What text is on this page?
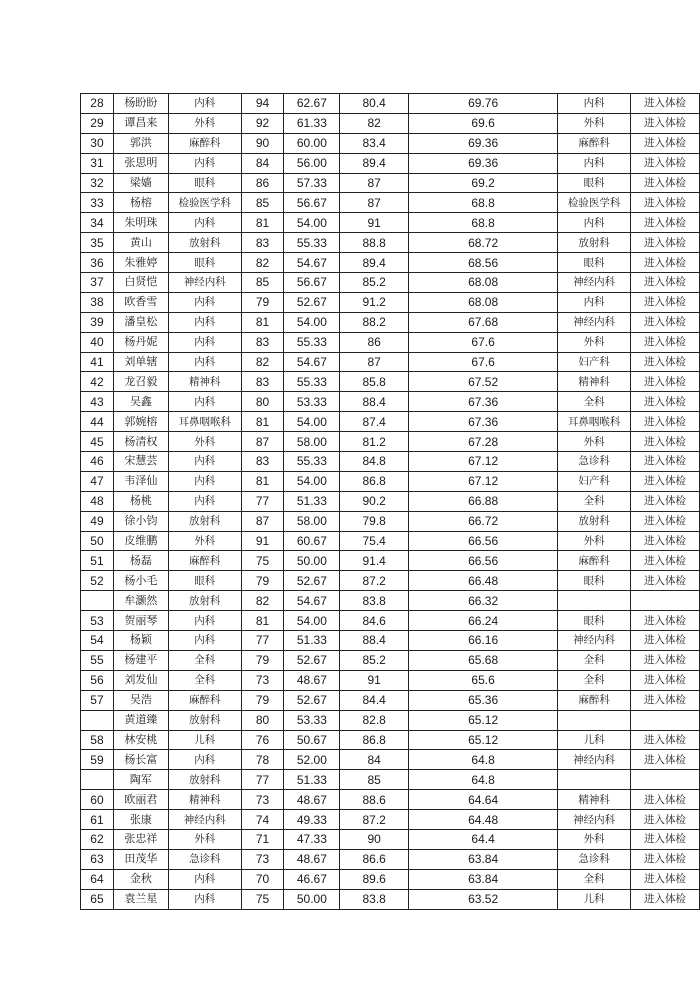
28	杨盼盼	内科	94	62.67	80.4	69.76	内科	进入体检
29	谭昌来	外科	92	61.33	82	69.6	外科	进入体检
30	郭洪	麻醉科	90	60.00	83.4	69.36	麻醉科	进入体检
31	张思明	内科	84	56.00	89.4	69.36	内科	进入体检
32	梁嫱	眼科	86	57.33	87	69.2	眼科	进入体检
33	杨榕	检验医学科	85	56.67	87	68.8	检验医学科	进入体检
34	朱明珠	内科	81	54.00	91	68.8	内科	进入体检
35	黄山	放射科	83	55.33	88.8	68.72	放射科	进入体检
36	朱雅婷	眼科	82	54.67	89.4	68.56	眼科	进入体检
37	白贤恺	神经内科	85	56.67	85.2	68.08	神经内科	进入体检
38	欧香雪	内科	79	52.67	91.2	68.08	内科	进入体检
39	潘皇松	内科	81	54.00	88.2	67.68	神经内科	进入体检
40	杨丹妮	内科	83	55.33	86	67.6	外科	进入体检
41	刘单辖	内科	82	54.67	87	67.6	妇产科	进入体检
42	龙召毅	精神科	83	55.33	85.8	67.52	精神科	进入体检
43	吴鑫	内科	80	53.33	88.4	67.36	全科	进入体检
44	郭婉榕	耳鼻咽喉科	81	54.00	87.4	67.36	耳鼻咽喉科	进入体检
45	杨清权	外科	87	58.00	81.2	67.28	外科	进入体检
46	宋慧芸	内科	83	55.33	84.8	67.12	急诊科	进入体检
47	韦泽仙	内科	81	54.00	86.8	67.12	妇产科	进入体检
48	杨桃	内科	77	51.33	90.2	66.88	全科	进入体检
49	徐小钧	放射科	87	58.00	79.8	66.72	放射科	进入体检
50	皮维鹏	外科	91	60.67	75.4	66.56	外科	进入体检
51	杨磊	麻醉科	75	50.00	91.4	66.56	麻醉科	进入体检
52	杨小毛	眼科	79	52.67	87.2	66.48	眼科	进入体检
	牟灏然	放射科	82	54.67	83.8	66.32		
53	贺丽琴	内科	81	54.00	84.6	66.24	眼科	进入体检
54	杨颖	内科	77	51.33	88.4	66.16	神经内科	进入体检
55	杨建平	全科	79	52.67	85.2	65.68	全科	进入体检
56	刘发仙	全科	73	48.67	91	65.6	全科	进入体检
57	吴浩	麻醉科	79	52.67	84.4	65.36	麻醉科	进入体检
	黄道臻	放射科	80	53.33	82.8	65.12		
58	林安桃	儿科	76	50.67	86.8	65.12	儿科	进入体检
59	杨长富	内科	78	52.00	84	64.8	神经内科	进入体检
	陶军	放射科	77	51.33	85	64.8		
60	欧丽君	精神科	73	48.67	88.6	64.64	精神科	进入体检
61	张康	神经内科	74	49.33	87.2	64.48	神经内科	进入体检
62	张忠祥	外科	71	47.33	90	64.4	外科	进入体检
63	田茂华	急诊科	73	48.67	86.6	63.84	急诊科	进入体检
64	金秋	内科	70	46.67	89.6	63.84	全科	进入体检
65	袁兰星	内科	75	50.00	83.8	63.52	儿科	进入体检
